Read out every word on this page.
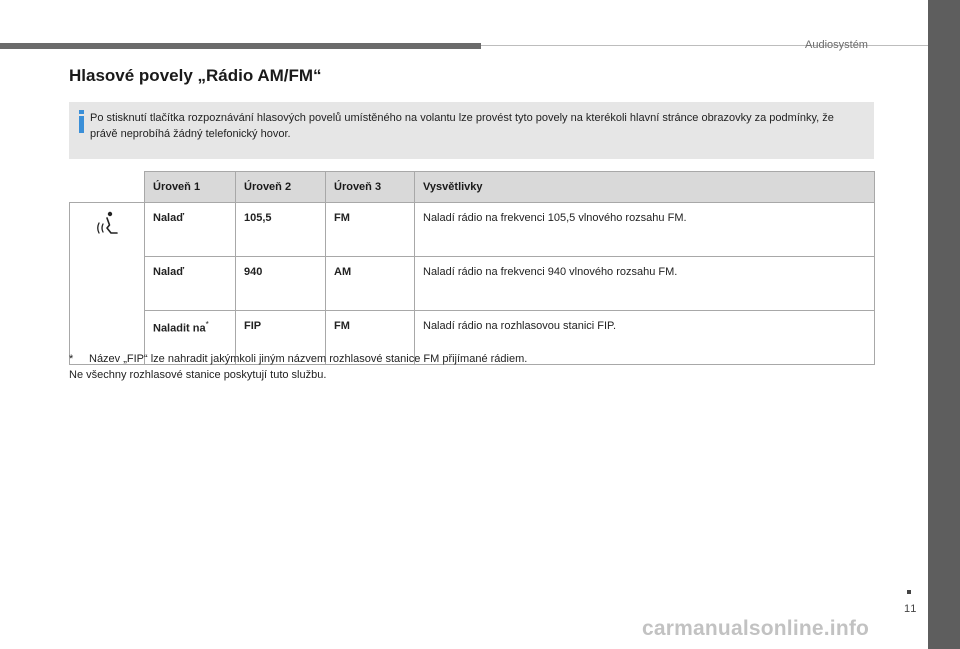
Audiosystém
Hlasové povely „Rádio AM/FM“
Po stisknutí tlačítka rozpoznávání hlasových povelů umístěného na volantu lze provést tyto povely na kterékoli hlavní stránce obrazovky za podmínky, že právě neprobíhá žádný telefonický hovor.
	Úroveň 1	Úroveň 2	Úroveň 3	Vysvětlivky
	Nalaď	105,5	FM	Naladí rádio na frekvenci 105,5 vlnového rozsahu FM.
	Nalaď	940	AM	Naladí rádio na frekvenci 940 vlnového rozsahu FM.
	Naladit na*	FIP	FM	Naladí rádio na rozhlasovou stanici FIP.
* Název „FIP“ lze nahradit jakýmkoli jiným názvem rozhlasové stanice FM přijímané rádiem.
Ne všechny rozhlasové stanice poskytují tuto službu.
11
carmanualsonline.info
